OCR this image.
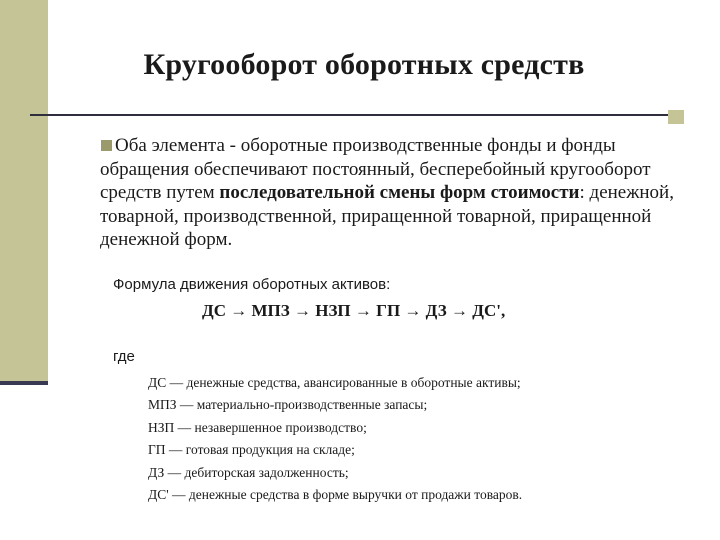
Кругооборот оборотных средств
Оба элемента - оборотные производственные фонды и фонды обращения обеспечивают постоянный, бесперебойный кругооборот средств путем последовательной смены форм стоимости: денежной, товарной, производственной, приращенной товарной, приращенной денежной форм.
Формула движения оборотных активов:
ДС → МПЗ → НЗП → ГП → ДЗ → ДС',
где
ДС — денежные средства, авансированные в оборотные активы;
МПЗ — материально-производственные запасы;
НЗП — незавершенное производство;
ГП — готовая продукция на складе;
ДЗ — дебиторская задолженность;
ДС' — денежные средства в форме выручки от продажи товаров.
